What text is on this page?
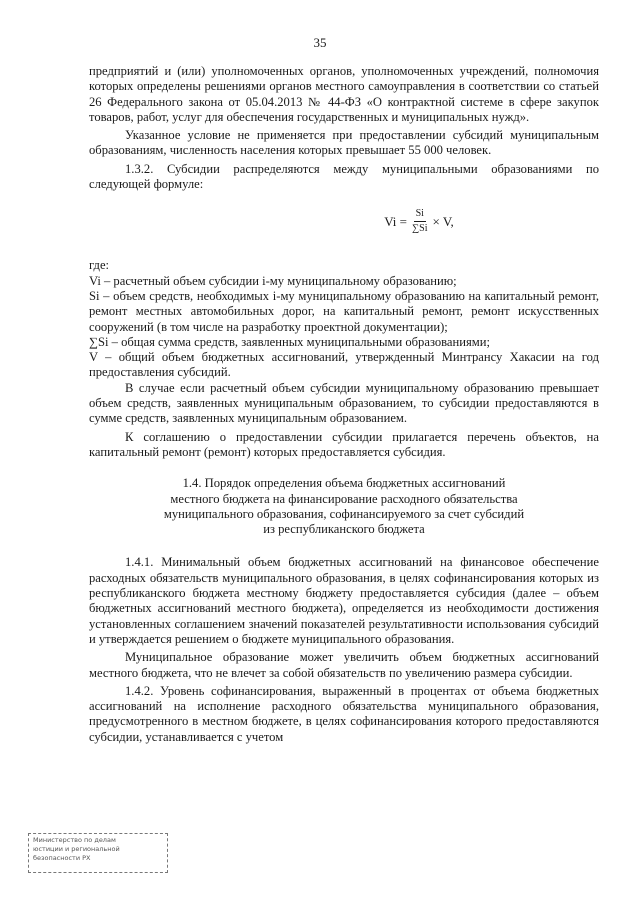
35

предприятий и (или) уполномоченных органов, уполномоченных учреждений, полномочия которых определены решениями органов местного самоуправления в соответствии со статьей 26 Федерального закона от 05.04.2013 № 44-ФЗ «О контрактной системе в сфере закупок товаров, работ, услуг для обеспечения государственных и муниципальных нужд».

Указанное условие не применяется при предоставлении субсидий муниципальным образованиям, численность населения которых превышает 55 000 человек.

1.3.2. Субсидии распределяются между муниципальными образованиями по следующей формуле:

$Vi = \frac{Si}{\sum Si} \times V$,

где:

Vi – расчетный объем субсидии i-му муниципальному образованию;

Si – объем средств, необходимых i-му муниципальному образованию на капитальный ремонт, ремонт местных автомобильных дорог, на капитальный ремонт, ремонт искусственных сооружений (в том числе на разработку проектной документации);

∑Si – общая сумма средств, заявленных муниципальными образованиями;

V – общий объем бюджетных ассигнований, утвержденный Минтрансу Хакасии на год предоставления субсидий.

В случае если расчетный объем субсидии муниципальному образованию превышает объем средств, заявленных муниципальным образованием, то субсидии предоставляются в сумме средств, заявленных муниципальным образованием.

К соглашению о предоставлении субсидии прилагается перечень объектов, на капитальный ремонт (ремонт) которых предоставляется субсидия.

1.4. Порядок определения объема бюджетных ассигнований
местного бюджета на финансирование расходного обязательства
муниципального образования, софинансируемого за счет субсидий
из республиканского бюджета

1.4.1. Минимальный объем бюджетных ассигнований на финансовое обеспечение расходных обязательств муниципального образования, в целях софинансирования которых из республиканского бюджета местному бюджету предоставляется субсидия (далее – объем бюджетных ассигнований местного бюджета), определяется из необходимости достижения установленных соглашением значений показателей результативности использования субсидий и утверждается решением о бюджете муниципального образования.

Муниципальное образование может увеличить объем бюджетных ассигнований местного бюджета, что не влечет за собой обязательств по увеличению размера субсидии.

1.4.2. Уровень софинансирования, выраженный в процентах от объема бюджетных ассигнований на исполнение расходного обязательства муниципального образования, предусмотренного в местном бюджете, в целях софинансирования которого предоставляются субсидии, устанавливается с учетом

Министерство по делам
юстиции и региональной
безопасности РХ
